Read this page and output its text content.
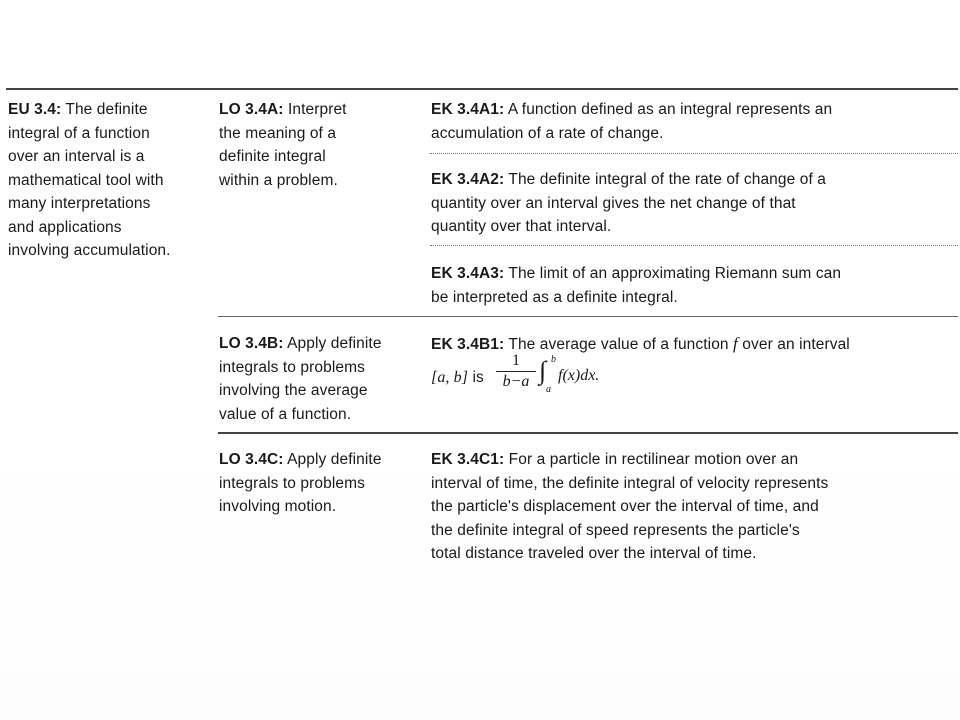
EU 3.4: The definite
integral of a function
over an interval is a
mathematical tool with
many interpretations
and applications
involving accumulation.
LO 3.4A: Interpret
the meaning of a
definite integral
within a problem.
EK 3.4A1: A function defined as an integral represents an
accumulation of a rate of change.
EK 3.4A2: The definite integral of the rate of change of a
quantity over an interval gives the net change of that
quantity over that interval.
EK 3.4A3: The limit of an approximating Riemann sum can
be interpreted as a definite integral.
LO 3.4B: Apply definite
integrals to problems
involving the average
value of a function.
EK 3.4B1: The average value of a function f over an interval
[a, b] is
1
b−a ∫ b
a
f(x)dx.
LO 3.4C: Apply definite
integrals to problems
involving motion.
EK 3.4C1: For a particle in rectilinear motion over an
interval of time, the definite integral of velocity represents
the particle's displacement over the interval of time, and
the definite integral of speed represents the particle's
total distance traveled over the interval of time.
